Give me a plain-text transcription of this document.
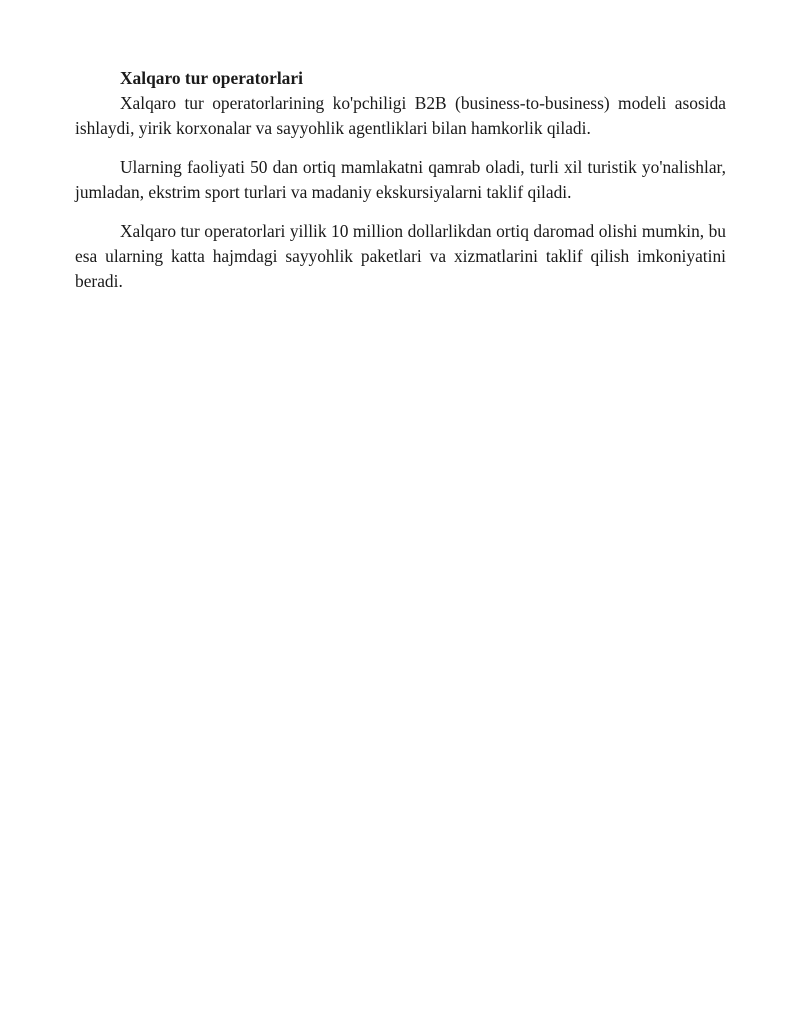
Xalqaro tur operatorlari

Xalqaro tur operatorlarining ko'pchiligi B2B (business-to-business) modeli asosida ishlaydi, yirik korxonalar va sayyohlik agentliklari bilan hamkorlik qiladi.

Ularning faoliyati 50 dan ortiq mamlakatni qamrab oladi, turli xil turistik yo'nalishlar, jumladan, ekstrim sport turlari va madaniy ekskursiyalarni taklif qiladi.

Xalqaro tur operatorlari yillik 10 million dollarlikdan ortiq daromad olishi mumkin, bu esa ularning katta hajmdagi sayyohlik paketlari va xizmatlarini taklif qilish imkoniyatini beradi.
